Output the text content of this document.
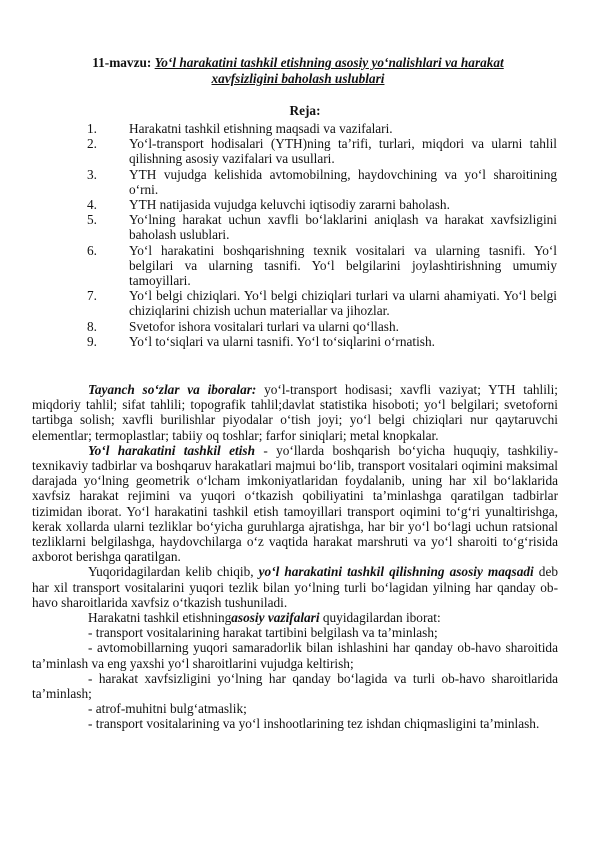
11-mavzu: Yo‘l harakatini tashkil etishning asosiy yo‘nalishlari va harakat xavfsizligini baholash uslublari
Reja:
1. Harakatni tashkil etishning maqsadi va vazifalari.
2. Yo‘l-transport hodisalari (YTH)ning ta’rifi, turlari, miqdori va ularni tahlil qilishning asosiy vazifalari va usullari.
3. YTH vujudga kelishida avtomobilning, haydovchining va yo‘l sharoitining o‘rni.
4. YTH natijasida vujudga keluvchi iqtisodiy zararni baholash.
5. Yo‘lning harakat uchun xavfli bo‘laklarini aniqlash va harakat xavfsizligini baholash uslublari.
6. Yo‘l harakatini boshqarishning texnik vositalari va ularning tasnifi. Yo‘l belgilari va ularning tasnifi. Yo‘l belgilarini joylashtirishning umumiy tamoyillari.
7. Yo‘l belgi chiziqlari. Yo‘l belgi chiziqlari turlari va ularni ahamiyati. Yo‘l belgi chiziqlarini chizish uchun materiallar va jihozlar.
8. Svetofor ishora vositalari turlari va ularni qo‘llash.
9. Yo‘l to‘siqlari va ularni tasnifi. Yo‘l to‘siqlarini o‘rnatish.

Tayanch so‘zlar va iboralar: yo‘l-transport hodisasi; xavfli vaziyat; YTH tahlili; miqdoriy tahlil; sifat tahlili; topografik tahlil;davlat statistika hisoboti; yo‘l belgilari; svetoforni tartibga solish; xavfli burilishlar piyodalar o‘tish joyi; yo‘l belgi chiziqlari nur qaytaruvchi elementlar; termoplastlar; tabiiy oq toshlar; farfor siniqlari; metal knopkalar.

Yo‘l harakatini tashkil etish - yo‘llarda boshqarish bo‘yicha huquqiy, tashkiliy-texnikaviy tadbirlar va boshqaruv harakatlari majmui bo‘lib, transport vositalari oqimini maksimal darajada yo‘lning geometrik o‘lcham imkoniyatlaridan foydalanib, uning har xil bo‘laklarida xavfsiz harakat rejimini va yuqori o‘tkazish qobiliyatini ta’minlashga qaratilgan tadbirlar tizimidan iborat. Yo‘l harakatini tashkil etish tamoyillari transport oqimini to‘g‘ri yunaltirishga, kerak xollarda ularni tezliklar bo‘yicha guruhlarga ajratishga, har bir yo‘l bo‘lagi uchun ratsional tezliklarni belgilashga, haydovchilarga o‘z vaqtida harakat marshruti va yo‘l sharoiti to‘g‘risida axborot berishga qaratilgan.

Yuqoridagilardan kelib chiqib, yo‘l harakatini tashkil qilishning asosiy maqsadi deb har xil transport vositalarini yuqori tezlik bilan yo‘lning turli bo‘lagidan yilning har qanday ob-havo sharoitlarida xavfsiz o‘tkazish tushuniladi.

Harakatni tashkil etishningasosiy vazifalari quyidagilardan iborat:

- transport vositalarining harakat tartibini belgilash va ta’minlash;

- avtomobillarning yuqori samaradorlik bilan ishlashini har qanday ob-havo sharoitida ta’minlash va eng yaxshi yo‘l sharoitlarini vujudga keltirish;

- harakat xavfsizligini yo‘lning har qanday bo‘lagida va turli ob-havo sharoitlarida ta’minlash;

- atrof-muhitni bulg‘atmaslik;

- transport vositalarining va yo‘l inshootlarining tez ishdan chiqmasligini ta’minlash.
